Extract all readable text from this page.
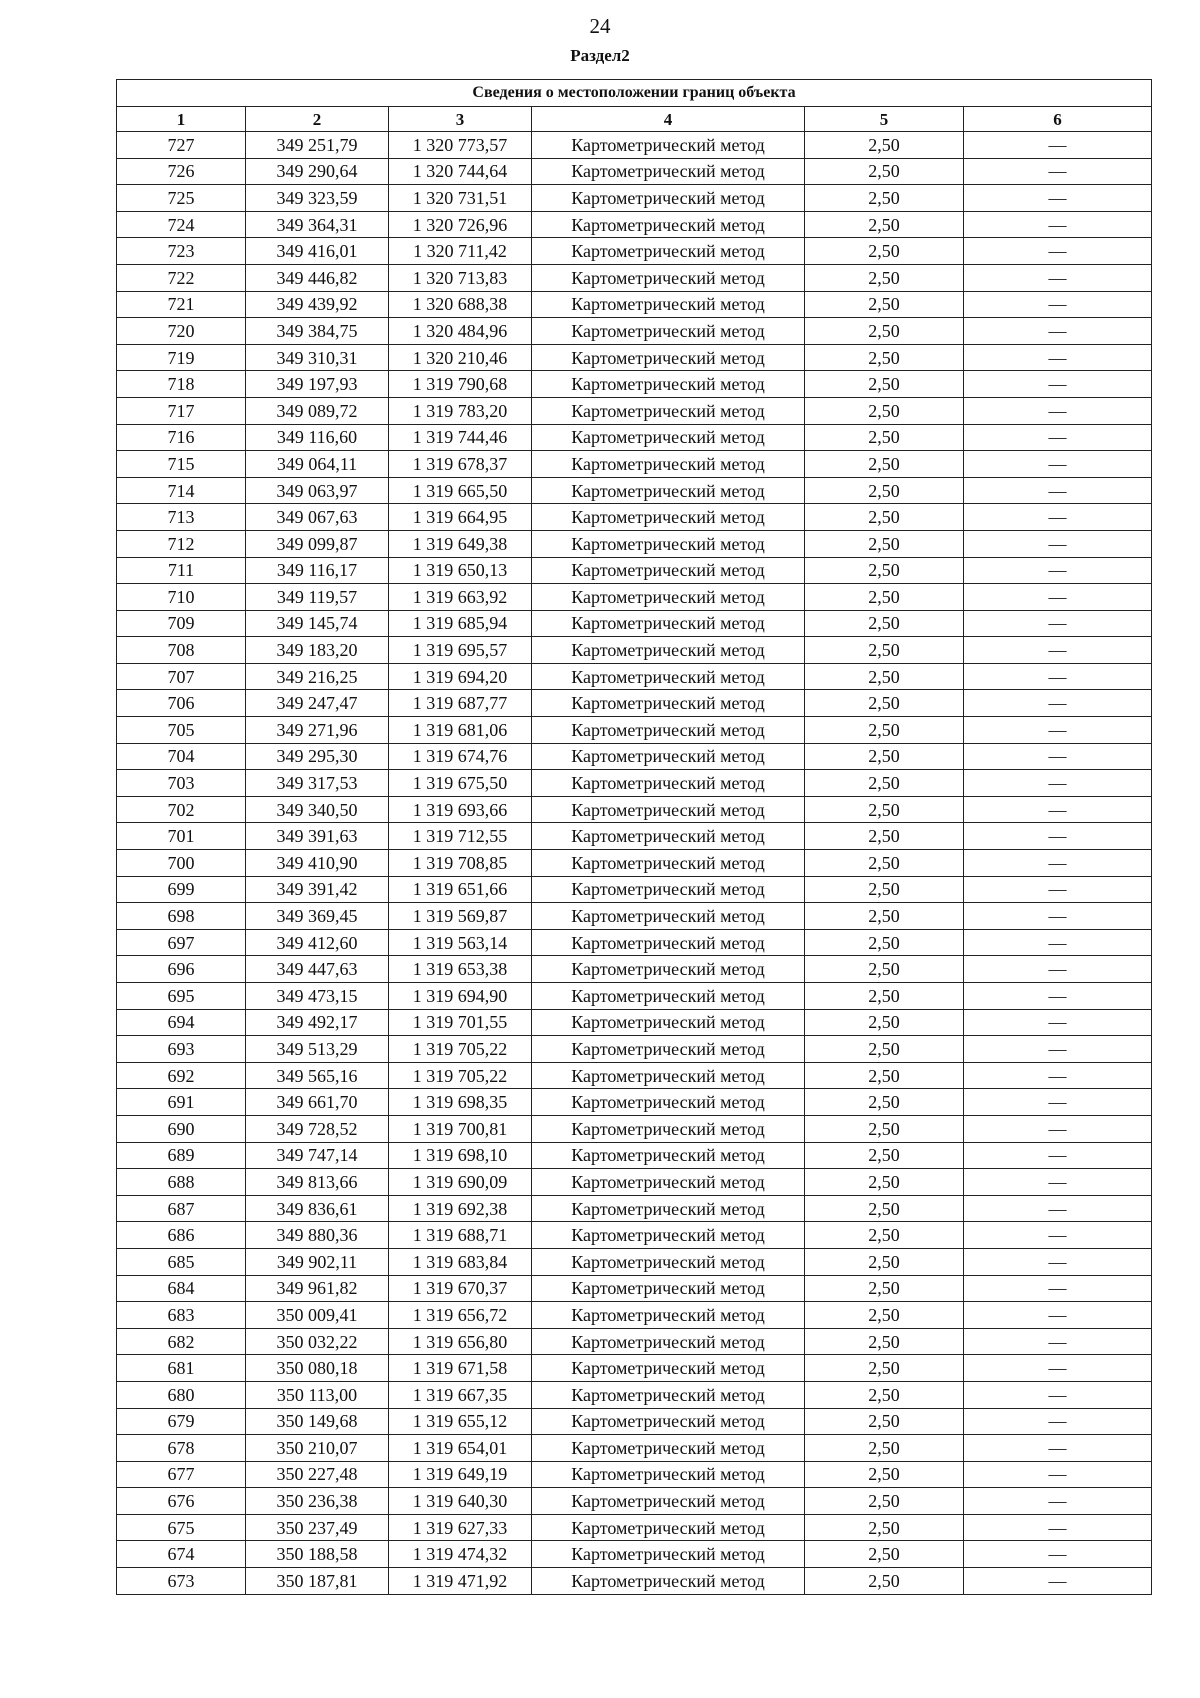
24
Раздел2
Сведения о местоположении границ объекта					
1	2	3	4	5	6
727	349 251,79	1 320 773,57	Картометрический метод	2,50	—
726	349 290,64	1 320 744,64	Картометрический метод	2,50	—
725	349 323,59	1 320 731,51	Картометрический метод	2,50	—
724	349 364,31	1 320 726,96	Картометрический метод	2,50	—
723	349 416,01	1 320 711,42	Картометрический метод	2,50	—
722	349 446,82	1 320 713,83	Картометрический метод	2,50	—
721	349 439,92	1 320 688,38	Картометрический метод	2,50	—
720	349 384,75	1 320 484,96	Картометрический метод	2,50	—
719	349 310,31	1 320 210,46	Картометрический метод	2,50	—
718	349 197,93	1 319 790,68	Картометрический метод	2,50	—
717	349 089,72	1 319 783,20	Картометрический метод	2,50	—
716	349 116,60	1 319 744,46	Картометрический метод	2,50	—
715	349 064,11	1 319 678,37	Картометрический метод	2,50	—
714	349 063,97	1 319 665,50	Картометрический метод	2,50	—
713	349 067,63	1 319 664,95	Картометрический метод	2,50	—
712	349 099,87	1 319 649,38	Картометрический метод	2,50	—
711	349 116,17	1 319 650,13	Картометрический метод	2,50	—
710	349 119,57	1 319 663,92	Картометрический метод	2,50	—
709	349 145,74	1 319 685,94	Картометрический метод	2,50	—
708	349 183,20	1 319 695,57	Картометрический метод	2,50	—
707	349 216,25	1 319 694,20	Картометрический метод	2,50	—
706	349 247,47	1 319 687,77	Картометрический метод	2,50	—
705	349 271,96	1 319 681,06	Картометрический метод	2,50	—
704	349 295,30	1 319 674,76	Картометрический метод	2,50	—
703	349 317,53	1 319 675,50	Картометрический метод	2,50	—
702	349 340,50	1 319 693,66	Картометрический метод	2,50	—
701	349 391,63	1 319 712,55	Картометрический метод	2,50	—
700	349 410,90	1 319 708,85	Картометрический метод	2,50	—
699	349 391,42	1 319 651,66	Картометрический метод	2,50	—
698	349 369,45	1 319 569,87	Картометрический метод	2,50	—
697	349 412,60	1 319 563,14	Картометрический метод	2,50	—
696	349 447,63	1 319 653,38	Картометрический метод	2,50	—
695	349 473,15	1 319 694,90	Картометрический метод	2,50	—
694	349 492,17	1 319 701,55	Картометрический метод	2,50	—
693	349 513,29	1 319 705,22	Картометрический метод	2,50	—
692	349 565,16	1 319 705,22	Картометрический метод	2,50	—
691	349 661,70	1 319 698,35	Картометрический метод	2,50	—
690	349 728,52	1 319 700,81	Картометрический метод	2,50	—
689	349 747,14	1 319 698,10	Картометрический метод	2,50	—
688	349 813,66	1 319 690,09	Картометрический метод	2,50	—
687	349 836,61	1 319 692,38	Картометрический метод	2,50	—
686	349 880,36	1 319 688,71	Картометрический метод	2,50	—
685	349 902,11	1 319 683,84	Картометрический метод	2,50	—
684	349 961,82	1 319 670,37	Картометрический метод	2,50	—
683	350 009,41	1 319 656,72	Картометрический метод	2,50	—
682	350 032,22	1 319 656,80	Картометрический метод	2,50	—
681	350 080,18	1 319 671,58	Картометрический метод	2,50	—
680	350 113,00	1 319 667,35	Картометрический метод	2,50	—
679	350 149,68	1 319 655,12	Картометрический метод	2,50	—
678	350 210,07	1 319 654,01	Картометрический метод	2,50	—
677	350 227,48	1 319 649,19	Картометрический метод	2,50	—
676	350 236,38	1 319 640,30	Картометрический метод	2,50	—
675	350 237,49	1 319 627,33	Картометрический метод	2,50	—
674	350 188,58	1 319 474,32	Картометрический метод	2,50	—
673	350 187,81	1 319 471,92	Картометрический метод	2,50	—
